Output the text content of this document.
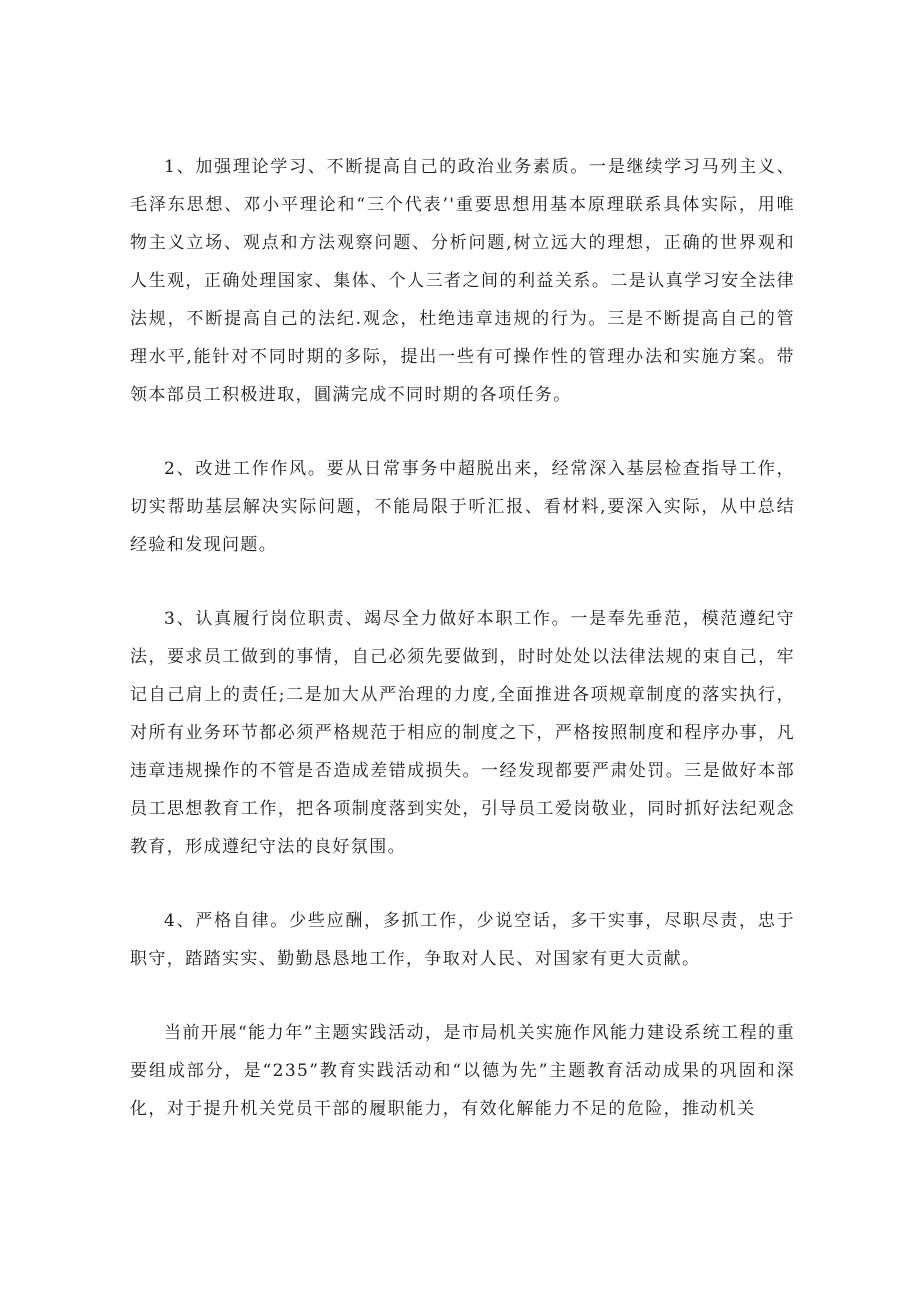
1、加强理论学习、不断提高自己的政治业务素质。一是继续学习马列主义、毛泽东思想、邓小平理论和“三个代表’'重要思想用基本原理联系具体实际，用唯物主义立场、观点和方法观察问题、分析问题,树立远大的理想，正确的世界观和人生观，正确处理国家、集体、个人三者之间的利益关系。二是认真学习安全法律法规，不断提高自己的法纪.观念，杜绝违章违规的行为。三是不断提高自己的管理水平,能针对不同时期的多际，提出一些有可操作性的管理办法和实施方案。带领本部员工积极进取，圓满完成不同时期的各项任务。

2、改进工作作风。要从日常事务中超脱出来，经常深入基层检查指导工作，切实帮助基层解决实际问题，不能局限于听汇报、看材料,要深入实际，从中总结经验和发现问题。

3、认真履行岗位职责、竭尽全力做好本职工作。一是奉先垂范，模范遵纪守法，要求员工做到的事情，自己必须先要做到，时时处处以法律法规的束自己，牢记自己肩上的责任;二是加大从严治理的力度,全面推进各项规章制度的落实执行，对所有业务环节都必须严格规范于相应的制度之下，严格按照制度和程序办事，凡违章违规操作的不管是否造成差错成损失。一经发现都要严肃处罚。三是做好本部员工思想教育工作，把各项制度落到实处，引导员工爱岗敬业，同时抓好法纪观念教育，形成遵纪守法的良好氛围。

4、严格自律。少些应酬，多抓工作，少说空话，多干实事，尽职尽责，忠于职守，踏踏实实、勤勤恳恳地工作，争取对人民、对国家有更大贡献。

当前开展“能力年”主题实践活动，是市局机关实施作风能力建设系统工程的重要组成部分，是“235”教育实践活动和“以德为先”主题教育活动成果的巩固和深化，对于提升机关党员干部的履职能力，有效化解能力不足的危险，推动机关
